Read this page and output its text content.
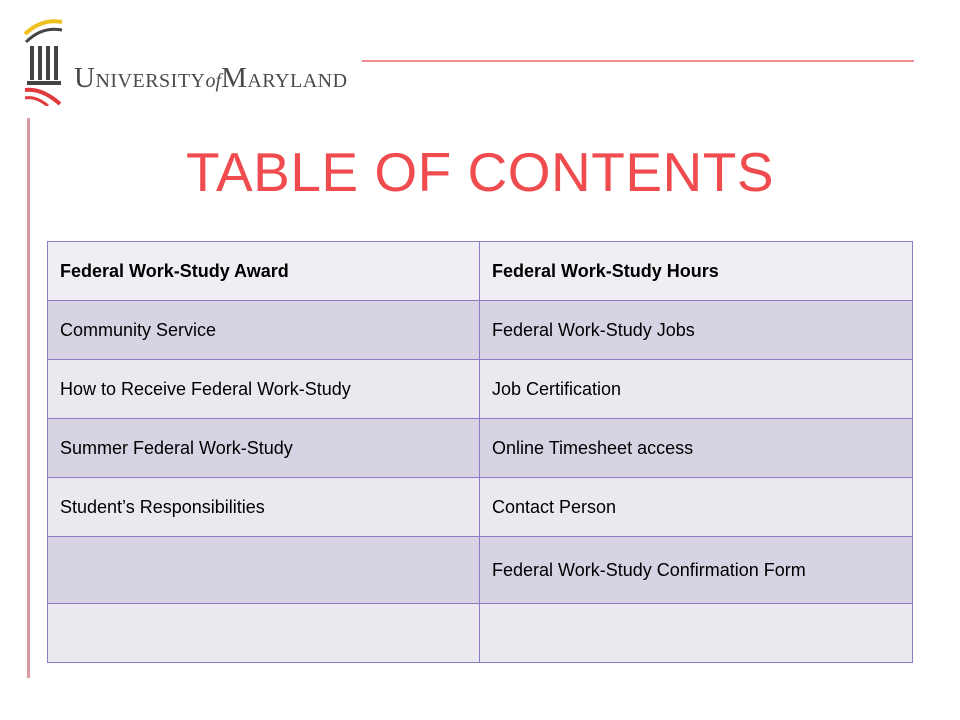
UniversityofMaryland
TABLE OF CONTENTS
Federal Work-Study Award	Federal Work-Study Hours
Community Service	Federal Work-Study Jobs
How to Receive Federal Work-Study	Job Certification
Summer Federal Work-Study	Online Timesheet access
Student’s Responsibilities	Contact Person
	Federal Work-Study Confirmation Form
